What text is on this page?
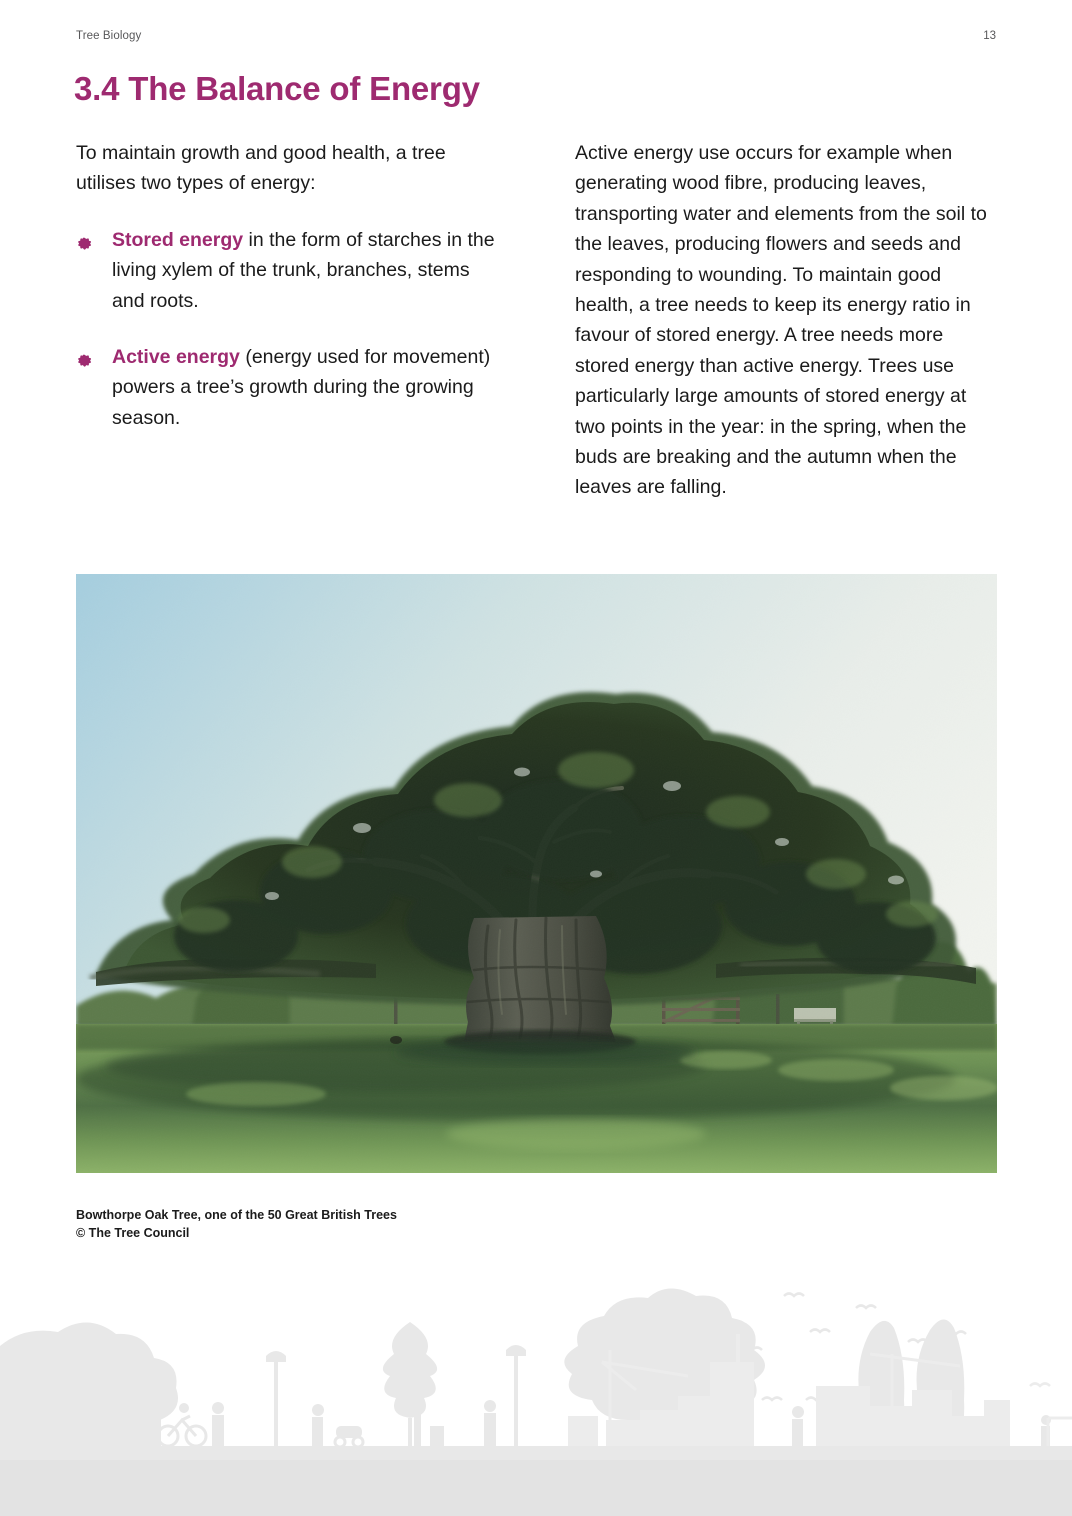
Tree Biology	13
3.4 The Balance of Energy

To maintain growth and good health, a tree utilises two types of energy:

Stored energy in the form of starches in the living xylem of the trunk, branches, stems and roots.
Active energy (energy used for movement) powers a tree’s growth during the growing season.

Active energy use occurs for example when generating wood fibre, producing leaves, transporting water and elements from the soil to the leaves, producing flowers and seeds and responding to wounding. To maintain good health, a tree needs to keep its energy ratio in favour of stored energy. A tree needs more stored energy than active energy. Trees use particularly large amounts of stored energy at two points in the year: in the spring, when the buds are breaking and the autumn when the leaves are falling.

Bowthorpe Oak Tree, one of the 50 Great British Trees
© The Tree Council
